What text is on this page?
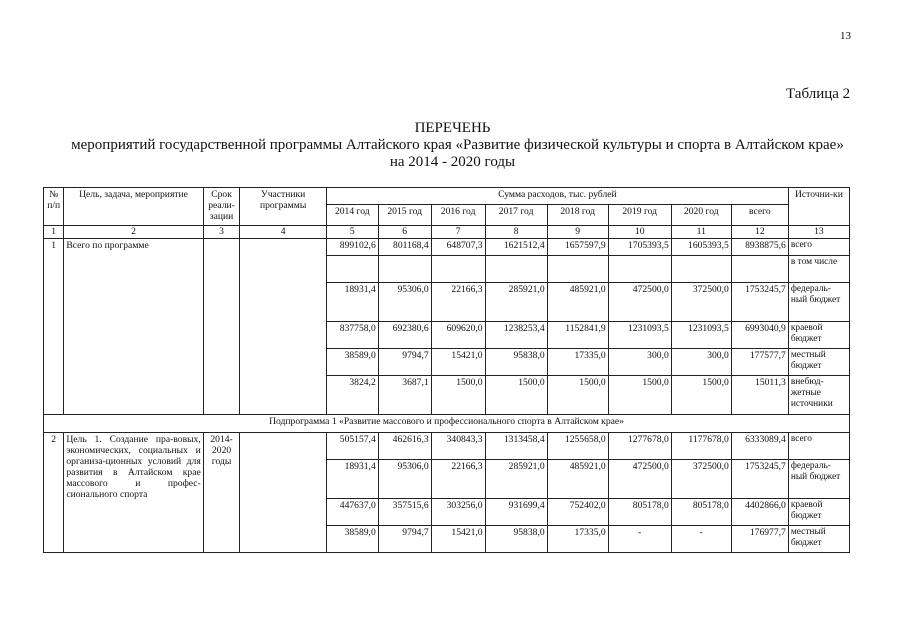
13
Таблица 2
ПЕРЕЧЕНЬ
мероприятий государственной программы Алтайского края «Развитие физической культуры и спорта в Алтайском крае»
на 2014 - 2020 годы
№ п/п	Цель, задача, мероприятие	Срок реали-зации	Участники программы	Сумма расходов, тыс. рублей								Источни-ки
				2014 год	2015 год	2016 год	2017 год	2018 год	2019 год	2020 год	всего	
1	2	3	4	5	6	7	8	9	10	11	12	13
1	Всего по программе			899102,6	801168,4	648707,3	1621512,4	1657597,9	1705393,5	1605393,5	8938875,6	всего
												в том числе
				18931,4	95306,0	22166,3	285921,0	485921,0	472500,0	372500,0	1753245,7	федераль-ный бюджет
				837758,0	692380,6	609620,0	1238253,4	1152841,9	1231093,5	1231093,5	6993040,9	краевой бюджет
				38589,0	9794,7	15421,0	95838,0	17335,0	300,0	300,0	177577,7	местный бюджет
				3824,2	3687,1	1500,0	1500,0	1500,0	1500,0	1500,0	15011,3	внебюд-жетные источники
Подпрограмма 1 «Развитие массового и профессионального спорта в Алтайском крае»												
2	Цель 1. Создание пра-вовых, экономических, социальных и организа-ционных условий для развития в Алтайском крае массового и профес-сионального спорта	2014-2020 годы		505157,4	462616,3	340843,3	1313458,4	1255658,0	1277678,0	1177678,0	6333089,4	всего
				18931,4	95306,0	22166,3	285921,0	485921,0	472500,0	372500,0	1753245,7	федераль-ный бюджет
				447637,0	357515,6	303256,0	931699,4	752402,0	805178,0	805178,0	4402866,0	краевой бюджет
				38589,0	9794,7	15421,0	95838,0	17335,0	-	-	176977,7	местный бюджет
